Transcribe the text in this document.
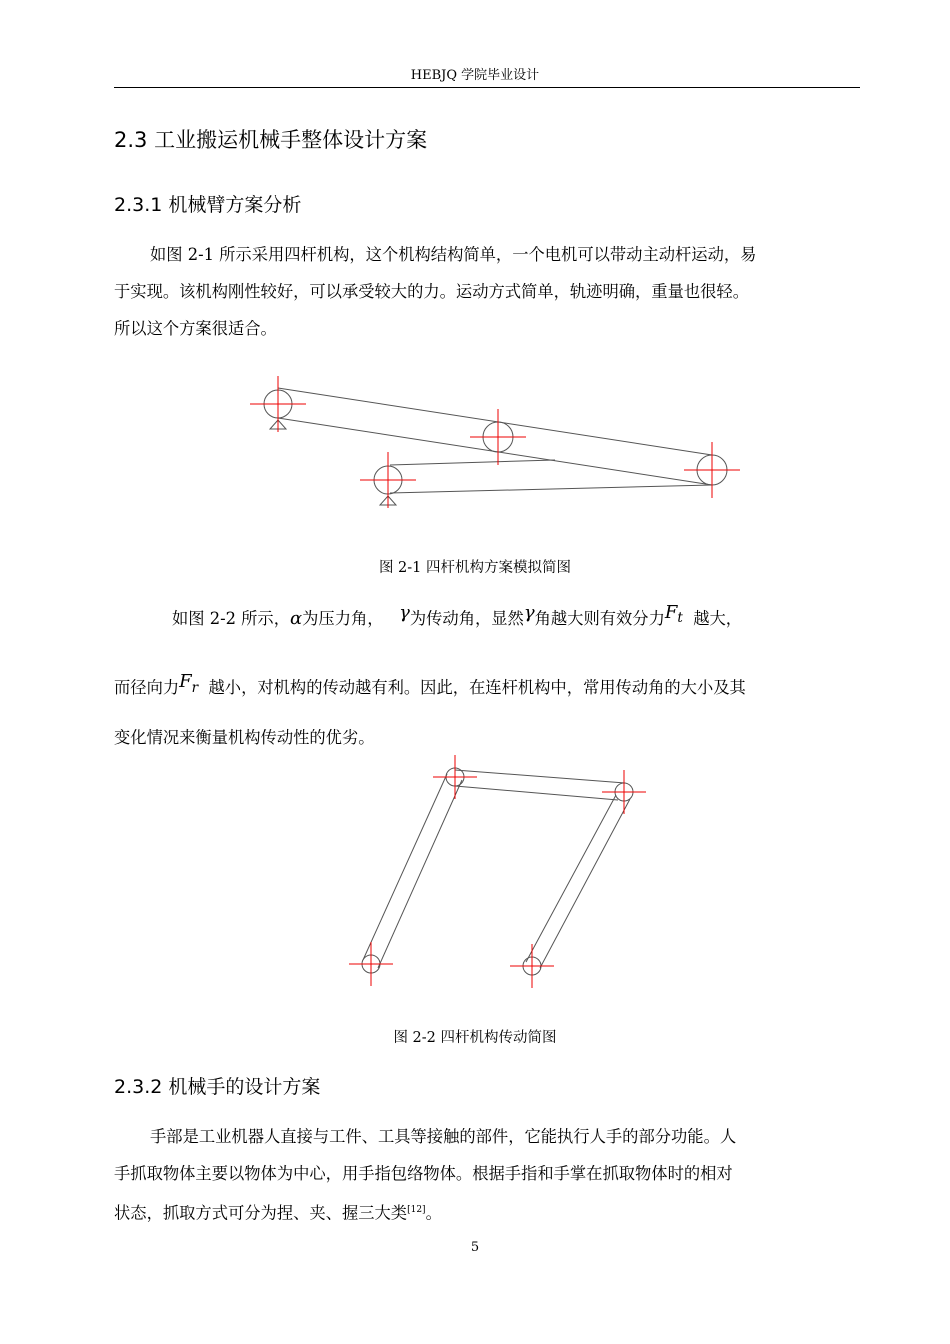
HEBJQ 学院毕业设计
2.3 工业搬运机械手整体设计方案
2.3.1 机械臂方案分析
如图 2-1 所示采用四杆机构，这个机构结构简单，一个电机可以带动主动杆运动，易
于实现。该机构刚性较好，可以承受较大的力。运动方式简单，轨迹明确，重量也很轻。
所以这个方案很适合。
图 2-1 四杆机构方案模拟简图
如图 2-2 所示，α为压力角， γ为传动角，显然γ角越大则有效分力$F_t$ 越大，
而径向力$F_r$ 越小，对机构的传动越有利。因此，在连杆机构中，常用传动角的大小及其
变化情况来衡量机构传动性的优劣。
图 2-2 四杆机构传动简图
2.3.2 机械手的设计方案
手部是工业机器人直接与工件、工具等接触的部件，它能执行人手的部分功能。人
手抓取物体主要以物体为中心，用手指包络物体。根据手指和手掌在抓取物体时的相对
状态，抓取方式可分为捏、夹、握三大类[12]。
5
